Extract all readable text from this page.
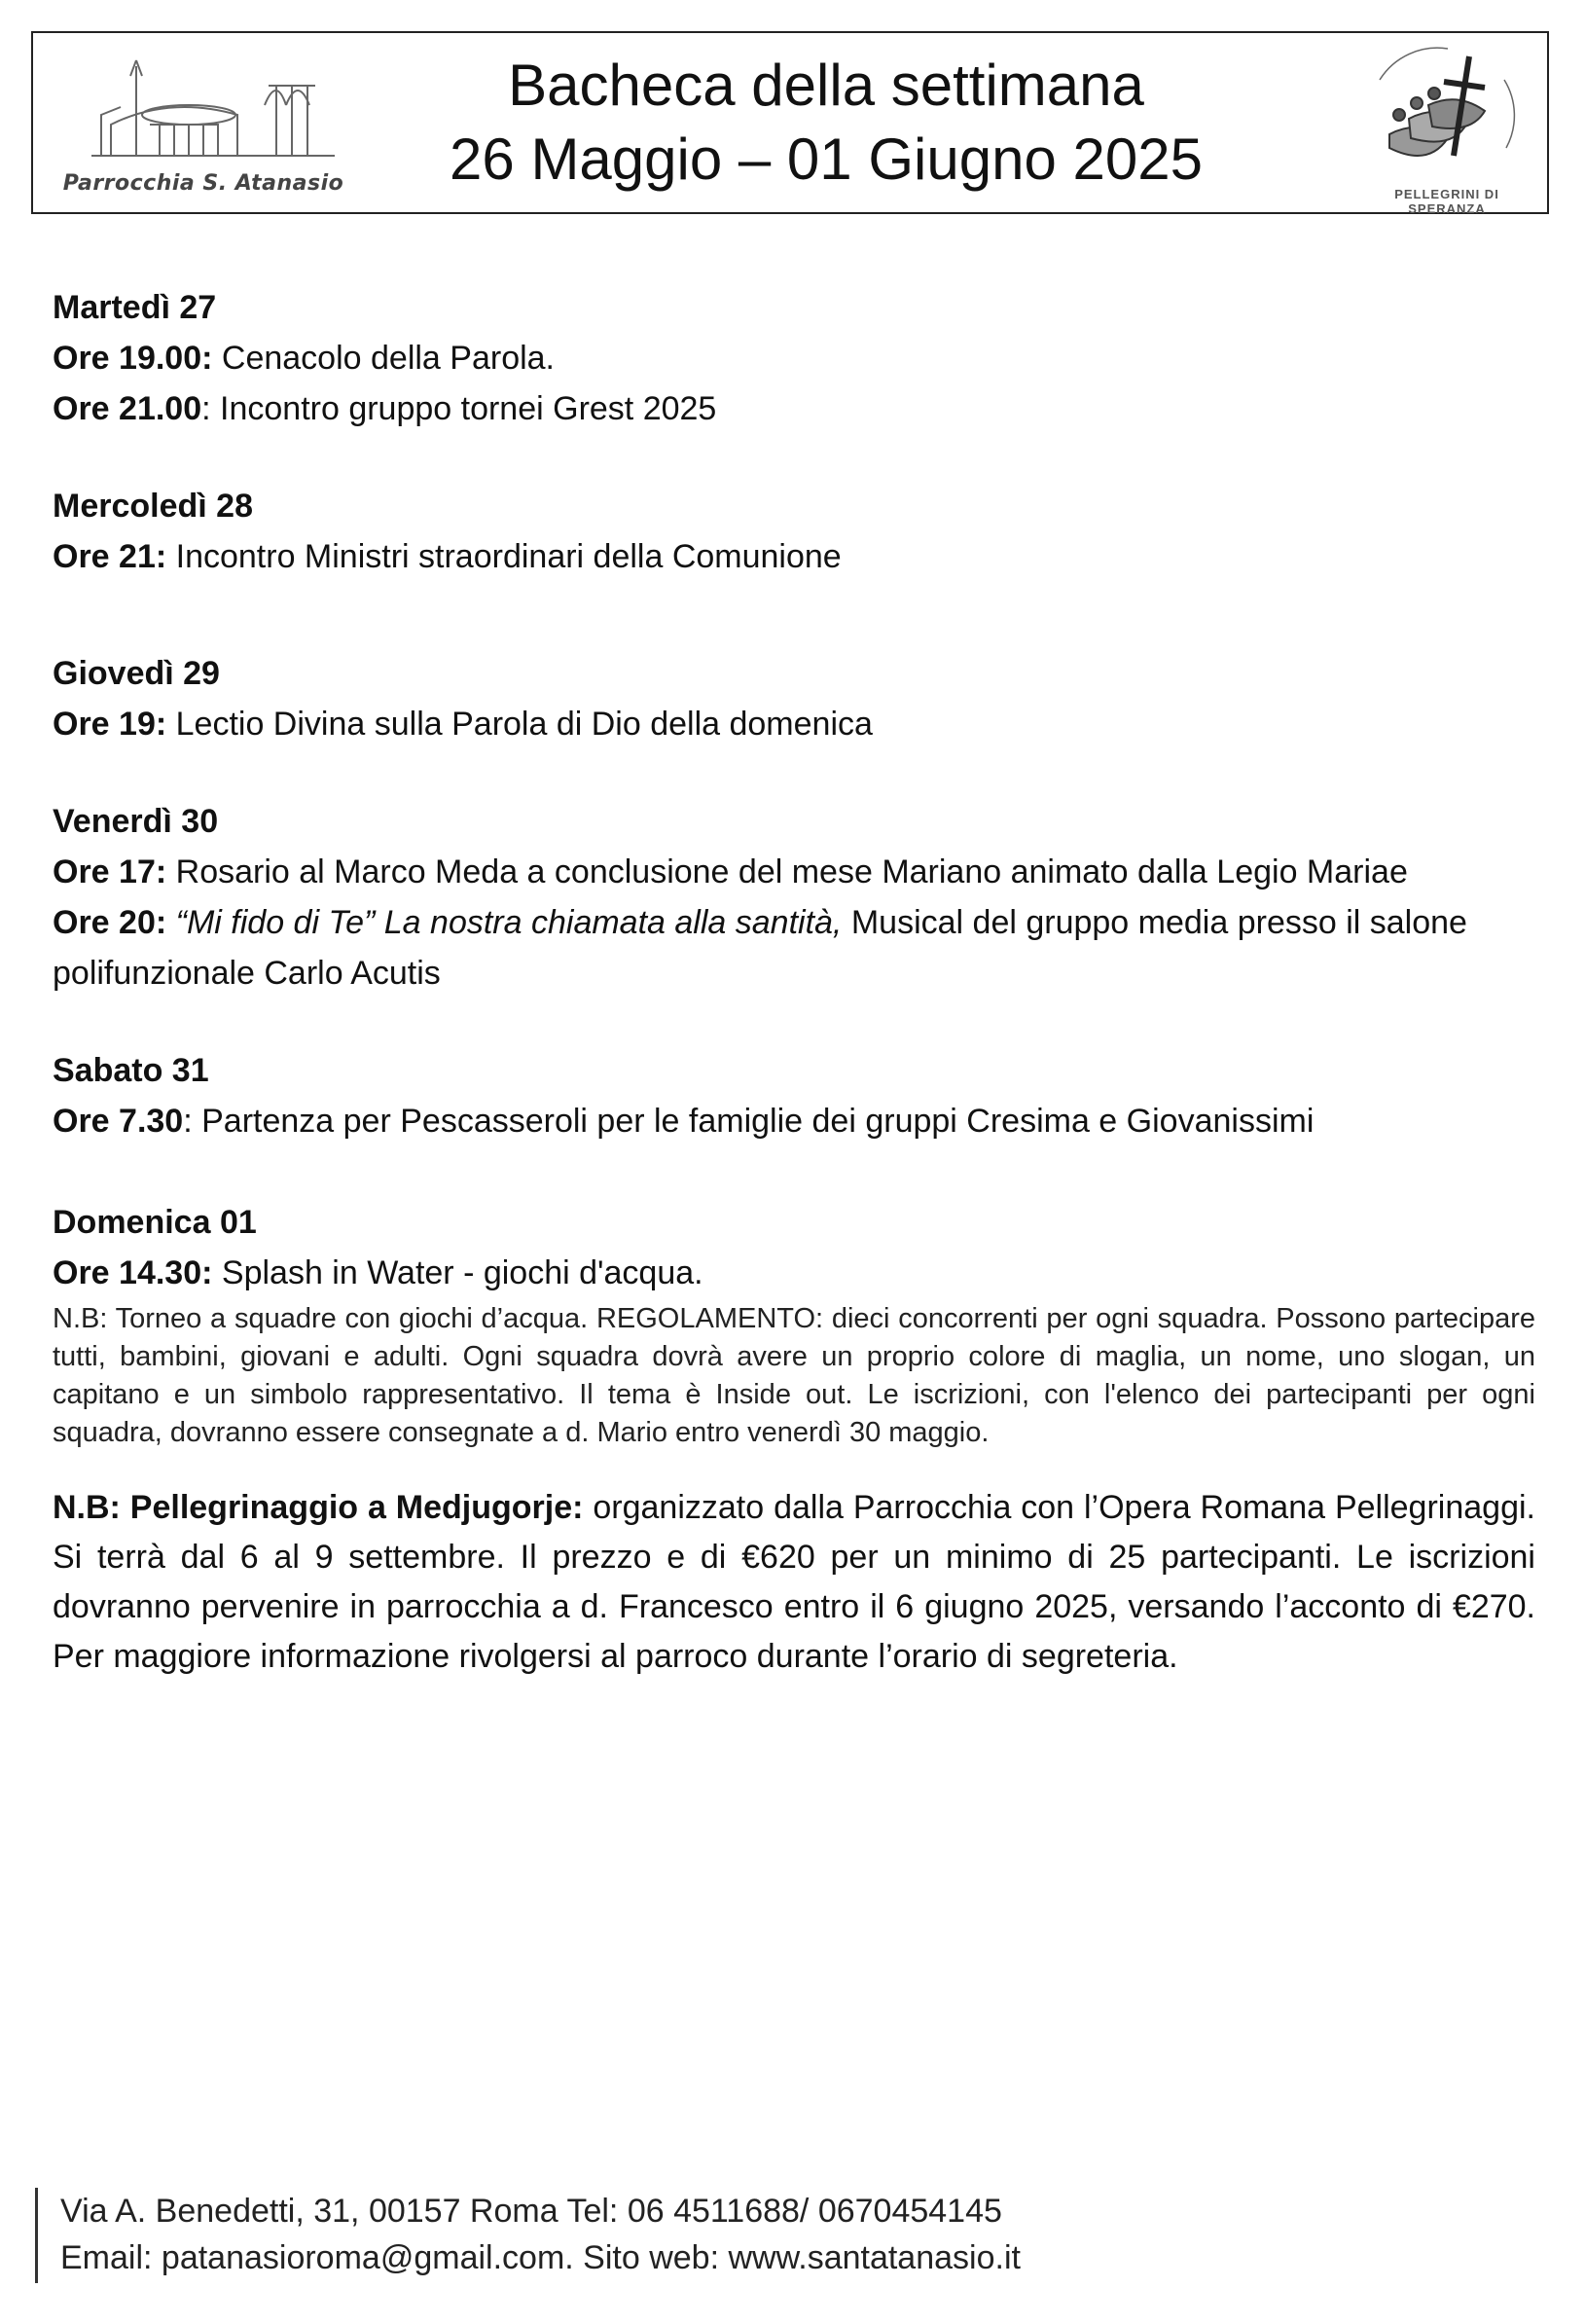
Parrocchia S. Atanasio
Bacheca della settimana
26 Maggio – 01 Giugno 2025
PELLEGRINI DI SPERANZA
Martedì 27
Ore 19.00: Cenacolo della Parola.
Ore 21.00: Incontro gruppo tornei Grest 2025
Mercoledì 28
Ore 21: Incontro Ministri straordinari della Comunione
Giovedì 29
Ore 19: Lectio Divina sulla Parola di Dio della domenica
Venerdì 30
Ore 17: Rosario al Marco Meda a conclusione del mese Mariano animato dalla Legio Mariae
Ore 20: “Mi fido di Te” La nostra chiamata alla santità, Musical del gruppo media presso il salone polifunzionale Carlo Acutis
Sabato 31
Ore 7.30: Partenza per Pescasseroli per le famiglie dei gruppi Cresima e Giovanissimi
Domenica 01
Ore 14.30: Splash in Water - giochi d'acqua.
N.B: Torneo a squadre con giochi d’acqua. REGOLAMENTO: dieci concorrenti per ogni squadra. Possono partecipare tutti, bambini, giovani e adulti. Ogni squadra dovrà avere un proprio colore di maglia, un nome, uno slogan, un capitano e un simbolo rappresentativo. Il tema è Inside out. Le iscrizioni, con l'elenco dei partecipanti per ogni squadra, dovranno essere consegnate a d. Mario entro venerdì 30 maggio.
N.B: Pellegrinaggio a Medjugorje: organizzato dalla Parrocchia con l’Opera Romana Pellegrinaggi. Si terrà dal 6 al 9 settembre. Il prezzo e di €620 per un minimo di 25 partecipanti. Le iscrizioni dovranno pervenire in parrocchia a d. Francesco entro il 6 giugno 2025, versando l’acconto di €270. Per maggiore informazione rivolgersi al parroco durante l’orario di segreteria.
Via A. Benedetti, 31, 00157 Roma Tel: 06 4511688/ 0670454145
Email: patanasioroma@gmail.com. Sito web: www.santatanasio.it
